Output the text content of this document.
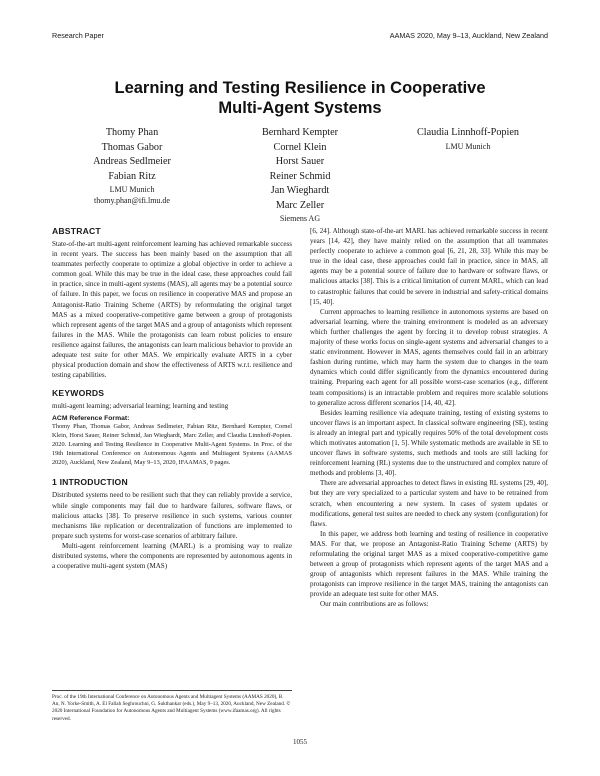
Research Paper	AAMAS 2020, May 9–13, Auckland, New Zealand
Learning and Testing Resilience in Cooperative
Multi-Agent Systems
Thomy Phan
Thomas Gabor
Andreas Sedlmeier
Fabian Ritz
LMU Munich
thomy.phan@ifi.lmu.de
Bernhard Kempter
Cornel Klein
Horst Sauer
Reiner Schmid
Jan Wieghardt
Marc Zeller
Siemens AG
Claudia Linnhoff-Popien
LMU Munich
ABSTRACT

State-of-the-art multi-agent reinforcement learning has achieved remarkable success in recent years. The success has been mainly based on the assumption that all teammates perfectly cooperate to optimize a global objective in order to achieve a common goal. While this may be true in the ideal case, these approaches could fail in practice, since in multi-agent systems (MAS), all agents may be a potential source of failure. In this paper, we focus on resilience in cooperative MAS and propose an Antagonist-Ratio Training Scheme (ARTS) by reformulating the original target MAS as a mixed cooperative-competitive game between a group of protagonists which represent agents of the target MAS and a group of antagonists which represent failures in the MAS. While the protagonists can learn robust policies to ensure resilience against failures, the antagonists can learn malicious behavior to provide an adequate test suite for other MAS. We empirically evaluate ARTS in a cyber physical production domain and show the effectiveness of ARTS w.r.t. resilience and testing capabilities.

KEYWORDS

multi-agent learning; adversarial learning; learning and testing

ACM Reference Format:

Thomy Phan, Thomas Gabor, Andreas Sedlmeier, Fabian Ritz, Bernhard Kempter, Cornel Klein, Horst Sauer, Reiner Schmid, Jan Wieghardt, Marc Zeller, and Claudia Linnhoff-Popien. 2020. Learning and Testing Resilience in Cooperative Multi-Agent Systems. In Proc. of the 19th International Conference on Autonomous Agents and Multiagent Systems (AAMAS 2020), Auckland, New Zealand, May 9–13, 2020, IFAAMAS, 9 pages.

1 INTRODUCTION

Distributed systems need to be resilient such that they can reliably provide a service, while single components may fail due to hardware failures, software flaws, or malicious attacks [38]. To preserve resilience in such systems, various counter mechanisms like replication or decentralization of functions are implemented to prepare such systems for worst-case scenarios of arbitrary failure.

Multi-agent reinforcement learning (MARL) is a promising way to realize distributed systems, where the components are represented by autonomous agents in a cooperative multi-agent system (MAS)

Proc. of the 19th International Conference on Autonomous Agents and Multiagent Systems (AAMAS 2020), B. An, N. Yorke-Smith, A. El Fallah Seghrouchni, G. Sukthankar (eds.), May 9–13, 2020, Auckland, New Zealand. © 2020 International Foundation for Autonomous Agents and Multiagent Systems (www.ifaamas.org). All rights reserved.

[6, 24]. Although state-of-the-art MARL has achieved remarkable success in recent years [14, 42], they have mainly relied on the assumption that all teammates perfectly cooperate to achieve a common goal [6, 21, 28, 33]. While this may be true in the ideal case, these approaches could fail in practice, since in MAS, all agents may be a potential source of failure due to hardware or software flaws, or malicious attacks [38]. This is a critical limitation of current MARL, which can lead to catastrophic failures that could be severe in industrial and safety-critical domains [15, 40].

Current approaches to learning resilience in autonomous systems are based on adversarial learning, where the training environment is modeled as an adversary which further challenges the agent by forcing it to develop robust strategies. A majority of these works focus on single-agent systems and adversarial changes to a static environment. However in MAS, agents themselves could fail in an arbitrary fashion during runtime, which may harm the system due to changes in the team dynamics which could differ significantly from the dynamics encountered during training. Preparing each agent for all possible worst-case scenarios (e.g., different team compositions) is an intractable problem and requires more scalable solutions to generalize across different scenarios [14, 40, 42].

Besides learning resilience via adequate training, testing of existing systems to uncover flaws is an important aspect. In classical software engineering (SE), testing is already an integral part and typically requires 50% of the total development costs which motivates automation [1, 5]. While systematic methods are available in SE to uncover flaws in software systems, such methods and tools are still lacking for reinforcement learning (RL) systems due to the unstructured and complex nature of methods and problems [3, 40].

There are adversarial approaches to detect flaws in existing RL systems [29, 40], but they are very specialized to a particular system and have to be retrained from scratch, when encountering a new system. In cases of system updates or modifications, general test suites are needed to check any system (configuration) for flaws.

In this paper, we address both learning and testing of resilience in cooperative MAS. For that, we propose an Antagonist-Ratio Training Scheme (ARTS) by reformulating the original target MAS as a mixed cooperative-competitive game between a group of protagonists which represent agents of the target MAS and a group of antagonists which represent failures in the MAS. While training the protagonists can improve resilience in the target MAS, training the antagonists can provide an adequate test suite for other MAS.

Our main contributions are as follows:

1055
